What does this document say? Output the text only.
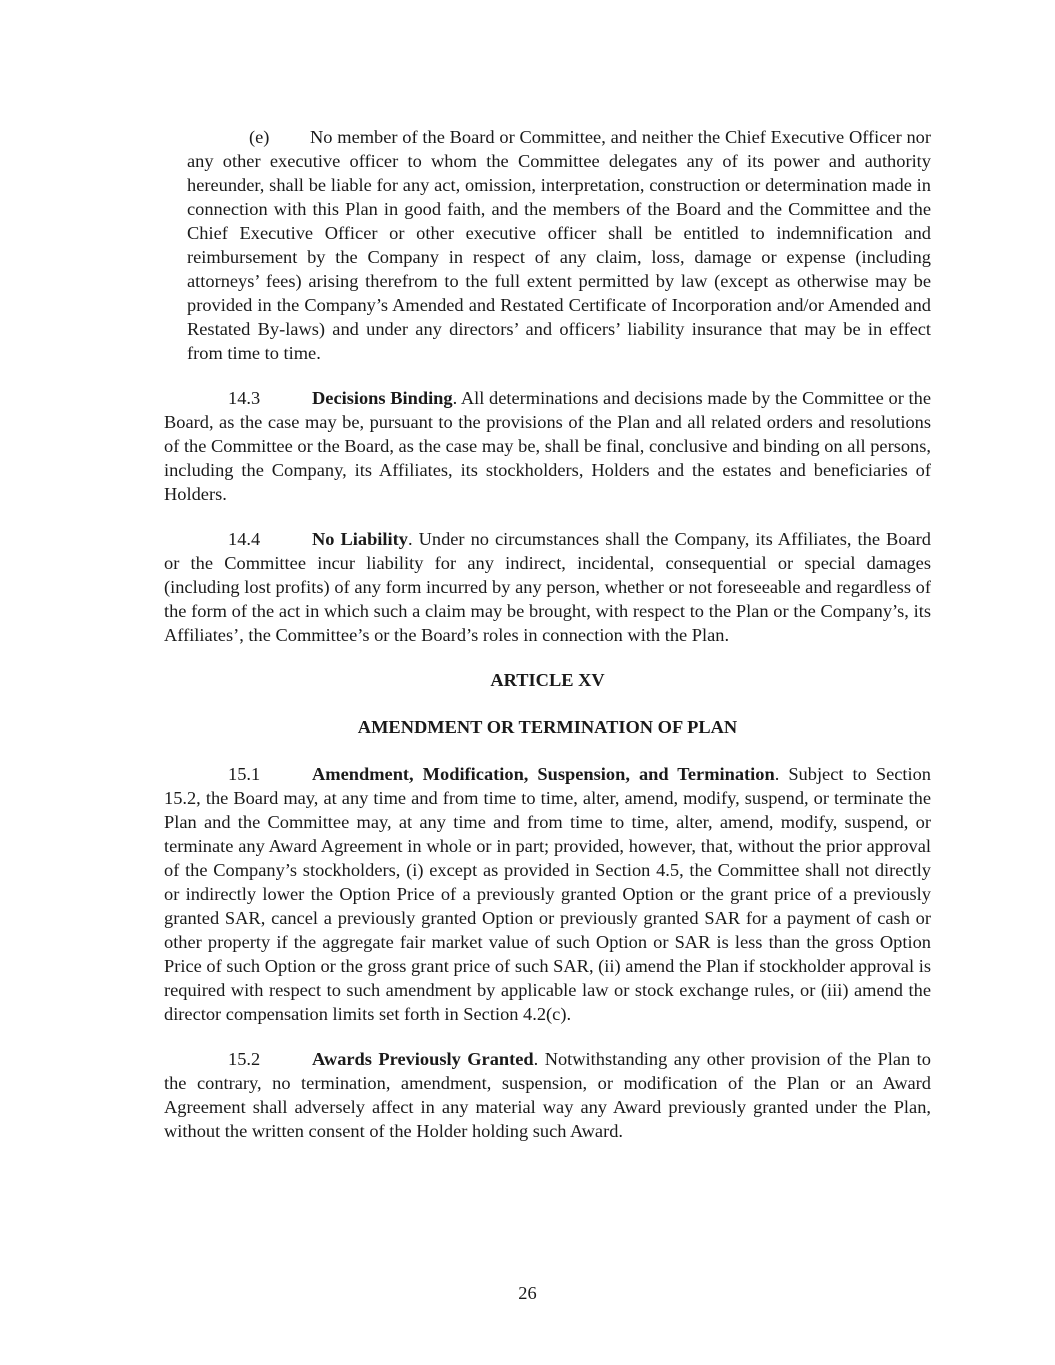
(e) No member of the Board or Committee, and neither the Chief Executive Officer nor any other executive officer to whom the Committee delegates any of its power and authority hereunder, shall be liable for any act, omission, interpretation, construction or determination made in connection with this Plan in good faith, and the members of the Board and the Committee and the Chief Executive Officer or other executive officer shall be entitled to indemnification and reimbursement by the Company in respect of any claim, loss, damage or expense (including attorneys’ fees) arising therefrom to the full extent permitted by law (except as otherwise may be provided in the Company’s Amended and Restated Certificate of Incorporation and/or Amended and Restated By-laws) and under any directors’ and officers’ liability insurance that may be in effect from time to time.

14.3	Decisions Binding. All determinations and decisions made by the Committee or the Board, as the case may be, pursuant to the provisions of the Plan and all related orders and resolutions of the Committee or the Board, as the case may be, shall be final, conclusive and binding on all persons, including the Company, its Affiliates, its stockholders, Holders and the estates and beneficiaries of Holders.

14.4	No Liability. Under no circumstances shall the Company, its Affiliates, the Board or the Committee incur liability for any indirect, incidental, consequential or special damages (including lost profits) of any form incurred by any person, whether or not foreseeable and regardless of the form of the act in which such a claim may be brought, with respect to the Plan or the Company’s, its Affiliates’, the Committee’s or the Board’s roles in connection with the Plan.

ARTICLE XV
AMENDMENT OR TERMINATION OF PLAN

15.1	Amendment, Modification, Suspension, and Termination. Subject to Section 15.2, the Board may, at any time and from time to time, alter, amend, modify, suspend, or terminate the Plan and the Committee may, at any time and from time to time, alter, amend, modify, suspend, or terminate any Award Agreement in whole or in part; provided, however, that, without the prior approval of the Company’s stockholders, (i) except as provided in Section 4.5, the Committee shall not directly or indirectly lower the Option Price of a previously granted Option or the grant price of a previously granted SAR, cancel a previously granted Option or previously granted SAR for a payment of cash or other property if the aggregate fair market value of such Option or SAR is less than the gross Option Price of such Option or the gross grant price of such SAR, (ii) amend the Plan if stockholder approval is required with respect to such amendment by applicable law or stock exchange rules, or (iii) amend the director compensation limits set forth in Section 4.2(c).

15.2	Awards Previously Granted. Notwithstanding any other provision of the Plan to the contrary, no termination, amendment, suspension, or modification of the Plan or an Award Agreement shall adversely affect in any material way any Award previously granted under the Plan, without the written consent of the Holder holding such Award.

26
